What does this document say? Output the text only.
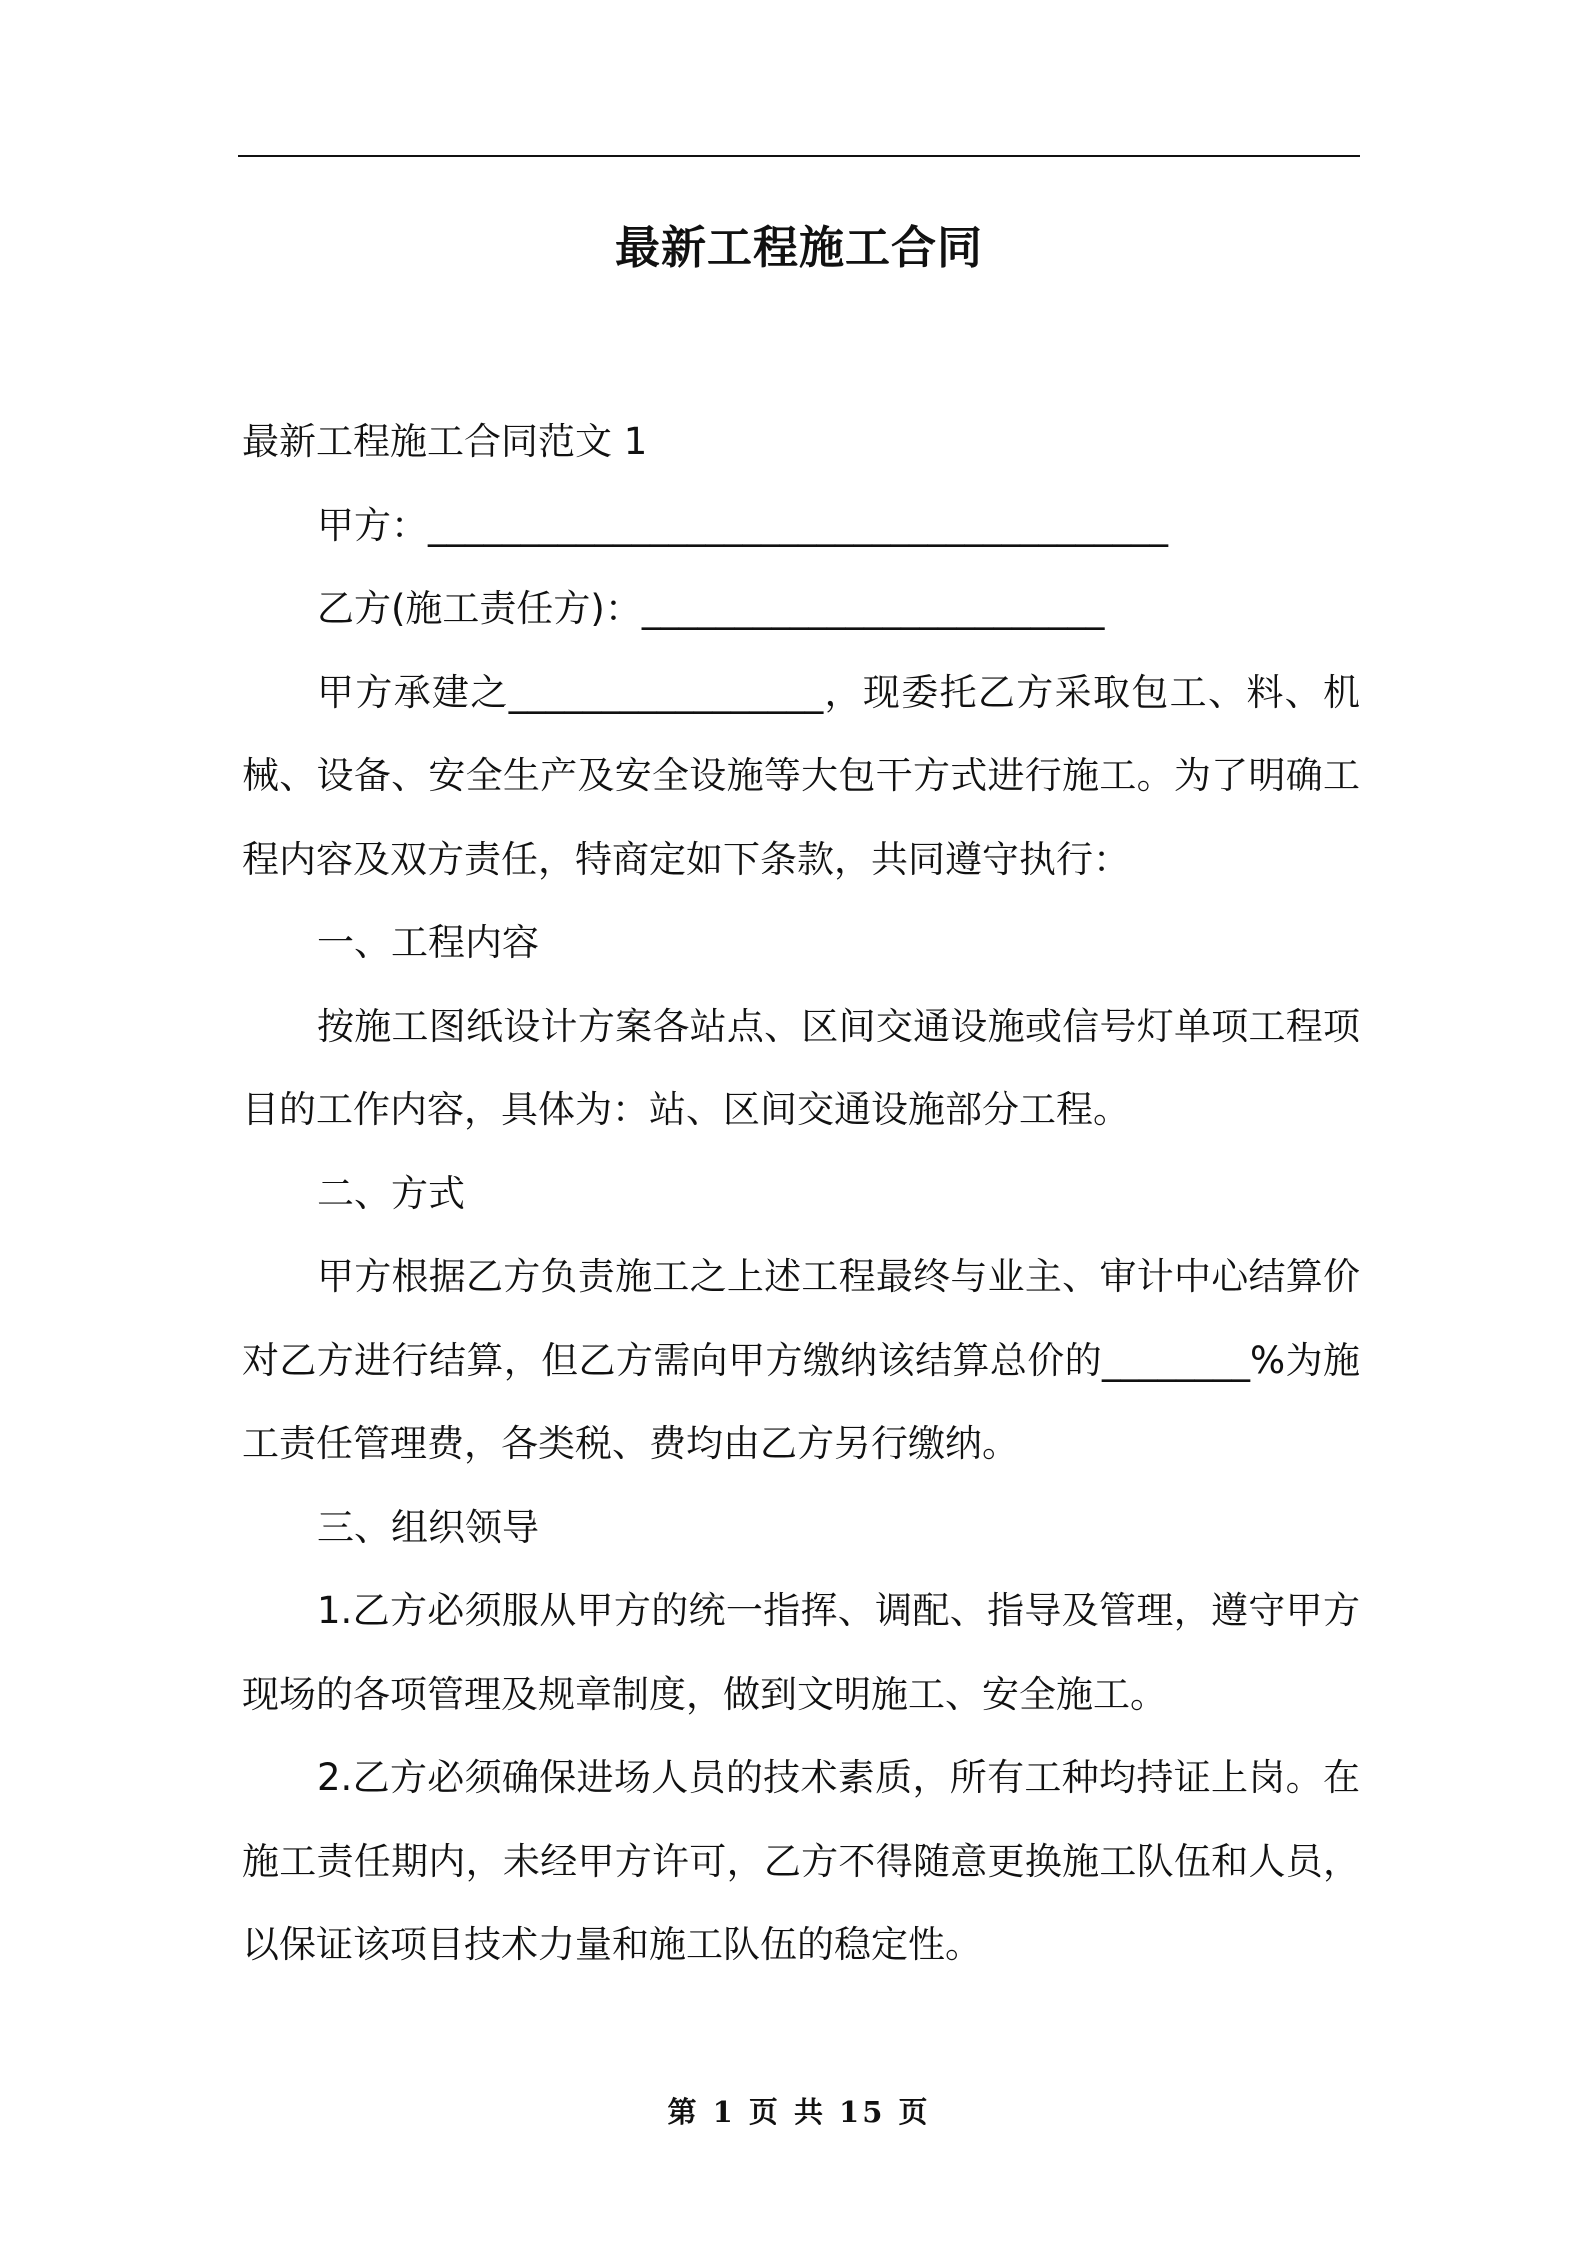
最新工程施工合同

最新工程施工合同范文 1

甲方：________________________________________

乙方(施工责任方)：_________________________

甲方承建之_________________，现委托乙方采取包工、料、机械、设备、安全生产及安全设施等大包干方式进行施工。为了明确工程内容及双方责任，特商定如下条款，共同遵守执行：

一、工程内容

按施工图纸设计方案各站点、区间交通设施或信号灯单项工程项目的工作内容，具体为：站、区间交通设施部分工程。

二、方式

甲方根据乙方负责施工之上述工程最终与业主、审计中心结算价对乙方进行结算，但乙方需向甲方缴纳该结算总价的________%为施工责任管理费，各类税、费均由乙方另行缴纳。

三、组织领导

1.乙方必须服从甲方的统一指挥、调配、指导及管理，遵守甲方现场的各项管理及规章制度，做到文明施工、安全施工。

2.乙方必须确保进场人员的技术素质，所有工种均持证上岗。在施工责任期内，未经甲方许可，乙方不得随意更换施工队伍和人员，以保证该项目技术力量和施工队伍的稳定性。

第 1 页 共 15 页
